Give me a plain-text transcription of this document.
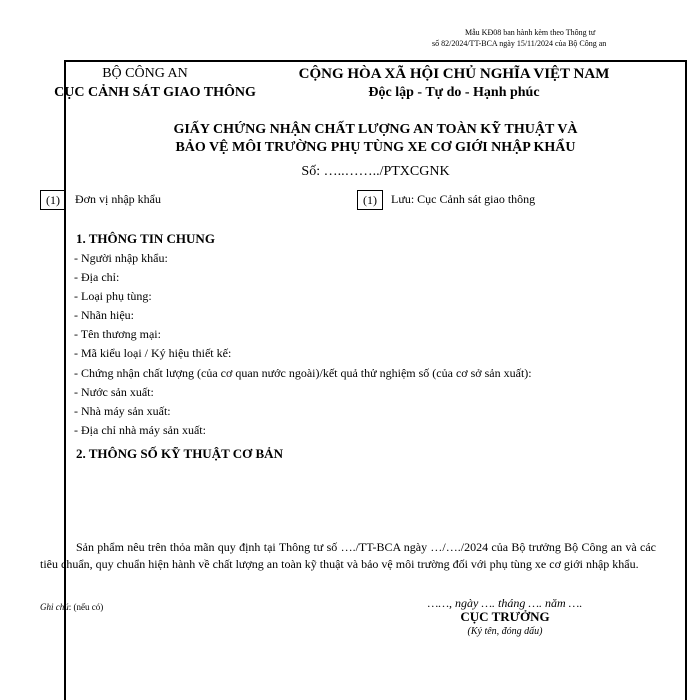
Mẫu KĐ08 ban hành kèm theo Thông tư
số 82/2024/TT-BCA ngày 15/11/2024 của Bộ Công an
BỘ CÔNG AN
CỤC CẢNH SÁT GIAO THÔNG
CỘNG HÒA XÃ HỘI CHỦ NGHĨA VIỆT NAM
Độc lập - Tự do - Hạnh phúc
GIẤY CHỨNG NHẬN CHẤT LƯỢNG AN TOÀN KỸ THUẬT VÀ
BẢO VỆ MÔI TRƯỜNG PHỤ TÙNG XE CƠ GIỚI NHẬP KHẨU
Số: …..……../PTXCGNK
(1)	Đơn vị nhập khẩu	(1)	Lưu: Cục Cảnh sát giao thông
1. THÔNG TIN CHUNG
- Người nhập khẩu:
- Địa chỉ:
- Loại phụ tùng:
- Nhãn hiệu:
- Tên thương mại:
- Mã kiểu loại / Ký hiệu thiết kế:
- Chứng nhận chất lượng (của cơ quan nước ngoài)/kết quả thử nghiệm số (của cơ sở sản xuất):
- Nước sản xuất:
- Nhà máy sản xuất:
- Địa chỉ nhà máy sản xuất:
2. THÔNG SỐ KỸ THUẬT CƠ BẢN
Sản phẩm nêu trên thỏa mãn quy định tại Thông tư số …./TT-BCA ngày …/…./2024 của Bộ trưởng Bộ Công an và các tiêu chuẩn, quy chuẩn hiện hành về chất lượng an toàn kỹ thuật và bảo vệ môi trường đối với phụ tùng xe cơ giới nhập khẩu.
Ghi chú: (nếu có)	……, ngày …. tháng …. năm ….
CỤC TRƯỞNG
(Ký tên, đóng dấu)
